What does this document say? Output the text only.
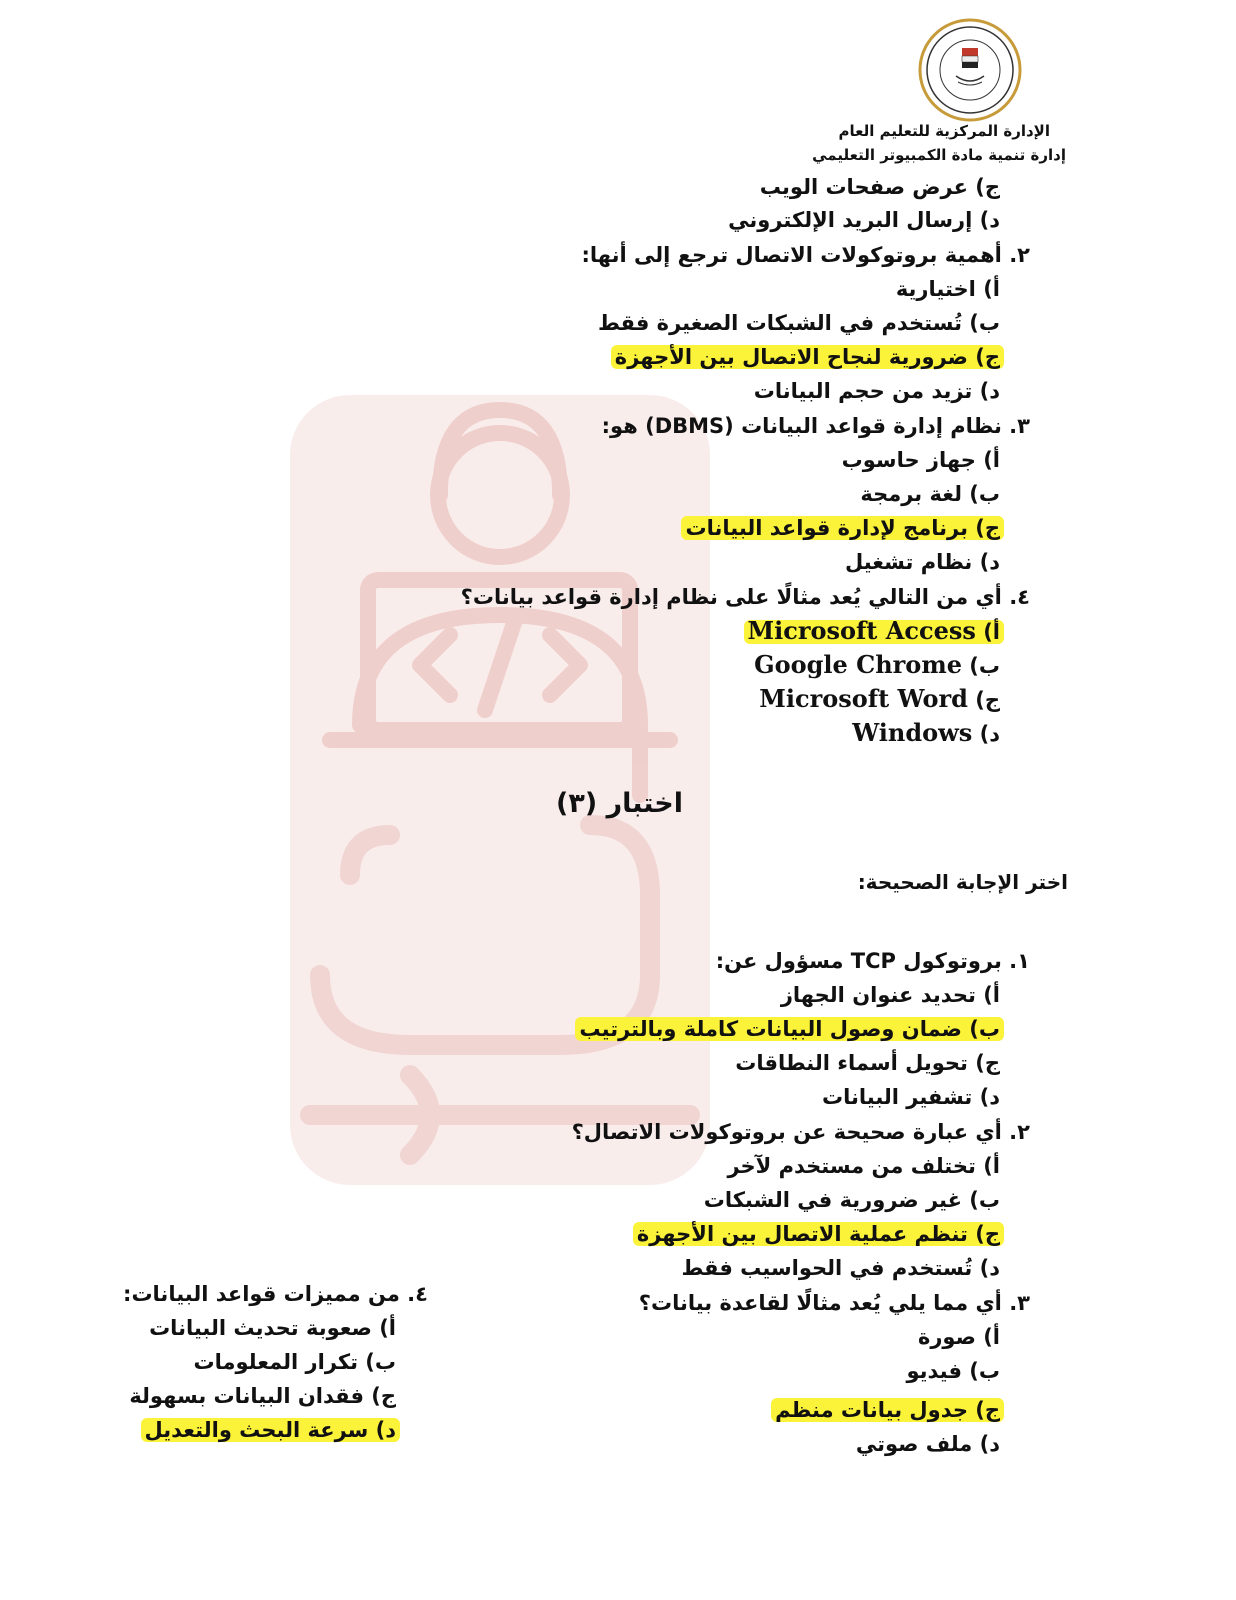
الإدارة المركزية للتعليم العام
إدارة تنمية مادة الكمبيوتر التعليمي
ج) عرض صفحات الويب
د) إرسال البريد الإلكتروني
٢. أهمية بروتوكولات الاتصال ترجع إلى أنها:
أ) اختيارية
ب) تُستخدم في الشبكات الصغيرة فقط
ج) ضرورية لنجاح الاتصال بين الأجهزة
د) تزيد من حجم البيانات
٣. نظام إدارة قواعد البيانات (DBMS) هو:
أ) جهاز حاسوب
ب) لغة برمجة
ج) برنامج لإدارة قواعد البيانات
د) نظام تشغيل
٤. أي من التالي يُعد مثالًا على نظام إدارة قواعد بيانات؟
أ) Microsoft Access
ب) Google Chrome
ج) Microsoft Word
د) Windows
اختبار (٣)
اختر الإجابة الصحيحة:
١. بروتوكول TCP مسؤول عن:
أ) تحديد عنوان الجهاز
ب) ضمان وصول البيانات كاملة وبالترتيب
ج) تحويل أسماء النطاقات
د) تشفير البيانات
٢. أي عبارة صحيحة عن بروتوكولات الاتصال؟
أ) تختلف من مستخدم لآخر
ب) غير ضرورية في الشبكات
ج) تنظم عملية الاتصال بين الأجهزة
د) تُستخدم في الحواسيب فقط
٣. أي مما يلي يُعد مثالًا لقاعدة بيانات؟
أ) صورة
ب) فيديو
ج) جدول بيانات منظم
د) ملف صوتي
٤. من مميزات قواعد البيانات:
أ) صعوبة تحديث البيانات
ب) تكرار المعلومات
ج) فقدان البيانات بسهولة
د) سرعة البحث والتعديل
